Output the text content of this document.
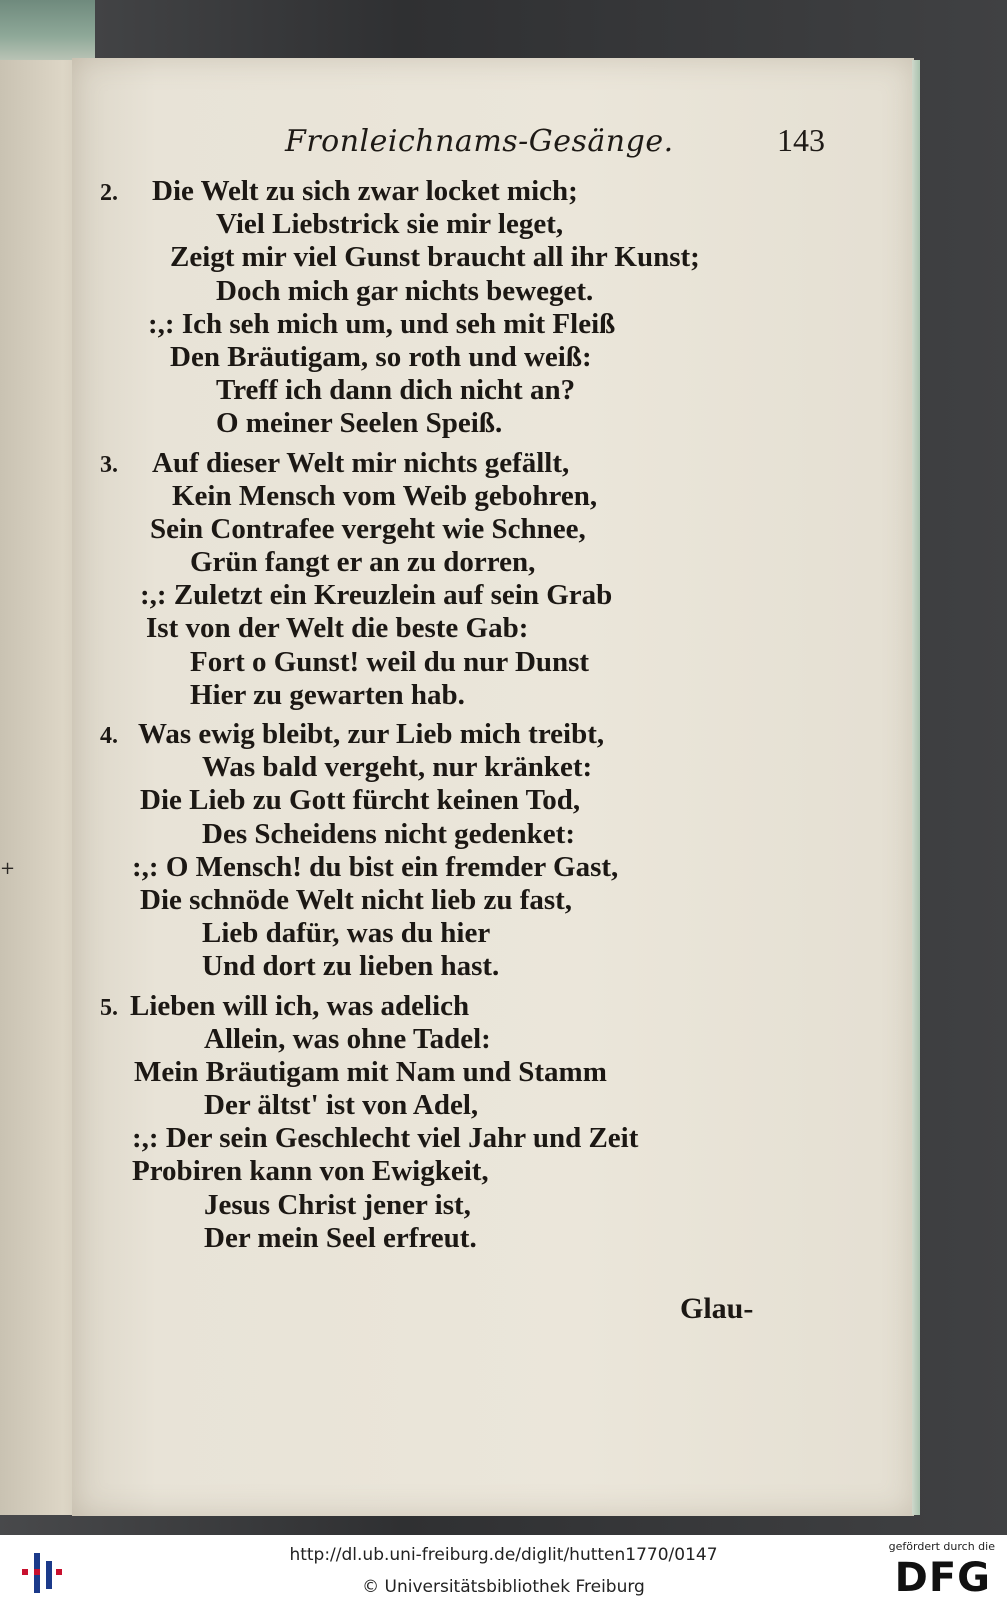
+
Fronleichnams-Gesänge.	143
2. Die Welt zu sich zwar locket mich;
Viel Liebstrick sie mir leget,
Zeigt mir viel Gunst braucht all ihr Kunst;
Doch mich gar nichts beweget.
:,: Ich seh mich um, und seh mit Fleiß
Den Bräutigam, so roth und weiß:
Treff ich dann dich nicht an?
O meiner Seelen Speiß.
3. Auf dieser Welt mir nichts gefällt,
Kein Mensch vom Weib gebohren,
Sein Contrafee vergeht wie Schnee,
Grün fangt er an zu dorren,
:,: Zuletzt ein Kreuzlein auf sein Grab
Ist von der Welt die beste Gab:
Fort o Gunst! weil du nur Dunst
Hier zu gewarten hab.
4. Was ewig bleibt, zur Lieb mich treibt,
Was bald vergeht, nur kränket:
Die Lieb zu Gott fürcht keinen Tod,
Des Scheidens nicht gedenket:
:,: O Mensch! du bist ein fremder Gast,
Die schnöde Welt nicht lieb zu fast,
Lieb dafür, was du hier
Und dort zu lieben hast.
5. Lieben will ich, was adelich
Allein, was ohne Tadel:
Mein Bräutigam mit Nam und Stamm
Der ältst' ist von Adel,
:,: Der sein Geschlecht viel Jahr und Zeit
Probiren kann von Ewigkeit,
Jesus Christ jener ist,
Der mein Seel erfreut.
Glau-
http://dl.ub.uni-freiburg.de/diglit/hutten1770/0147
© Universitätsbibliothek Freiburg
gefördert durch die
DFG
